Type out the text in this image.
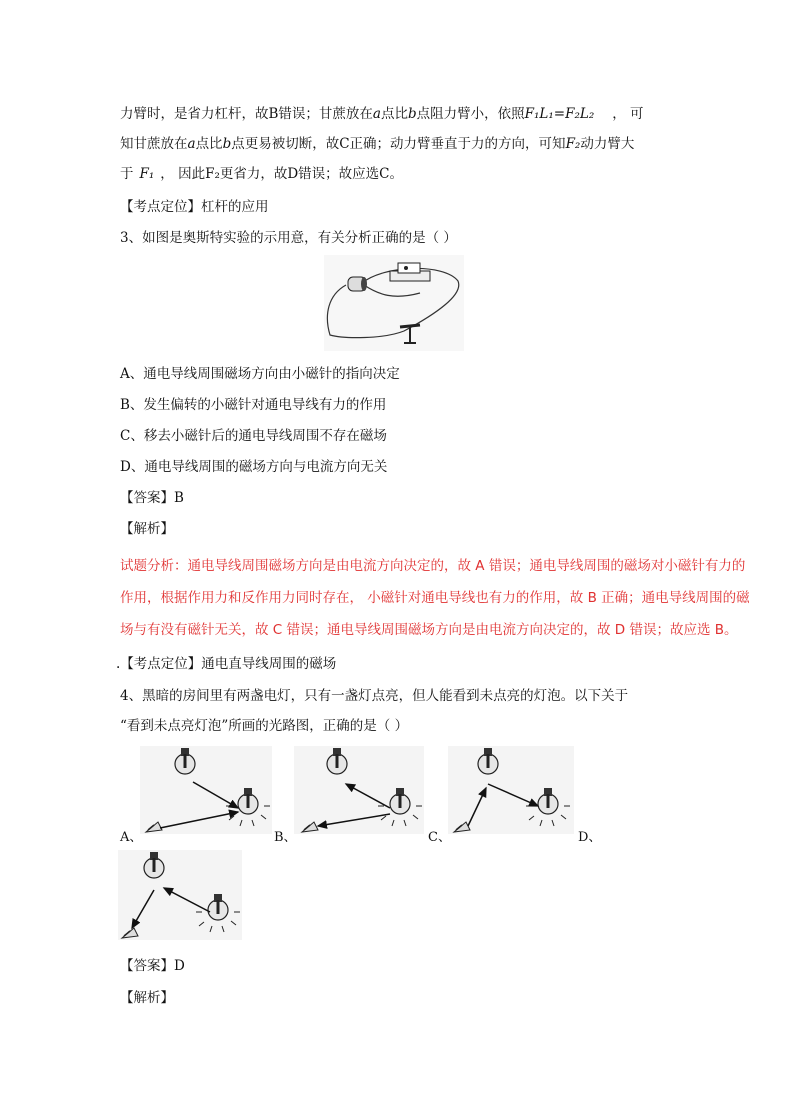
力臂时，是省力杠杆，故B错误；甘蔗放在a点比b点阻力臂小，依照F₁L₁=F₂L₂ ， 可
知甘蔗放在a点比b点更易被切断，故C正确；动力臂垂直于力的方向，可知F₂动力臂大
于 F₁ ， 因此F₂更省力，故D错误；故应选C。
【考点定位】杠杆的应用
3、如图是奥斯特实验的示用意，有关分析正确的是（ ）
A、通电导线周围磁场方向由小磁针的指向决定
B、发生偏转的小磁针对通电导线有力的作用
C、移去小磁针后的通电导线周围不存在磁场
D、通电导线周围的磁场方向与电流方向无关
【答案】B
【解析】
试题分析：通电导线周围磁场方向是由电流方向决定的，故 A 错误；通电导线周围的磁场对小磁针有力的
作用，根据作用力和反作用力同时存在， 小磁针对通电导线也有力的作用，故 B 正确；通电导线周围的磁
场与有没有磁针无关，故 C 错误；通电导线周围磁场方向是由电流方向决定的，故 D 错误；故应选 B。
.【考点定位】通电直导线周围的磁场
4、黑暗的房间里有两盏电灯，只有一盏灯点亮，但人能看到未点亮的灯泡。以下关于
“看到未点亮灯泡”所画的光路图，正确的是（ ）
A、	B、	C、	D、
【答案】D
【解析】
